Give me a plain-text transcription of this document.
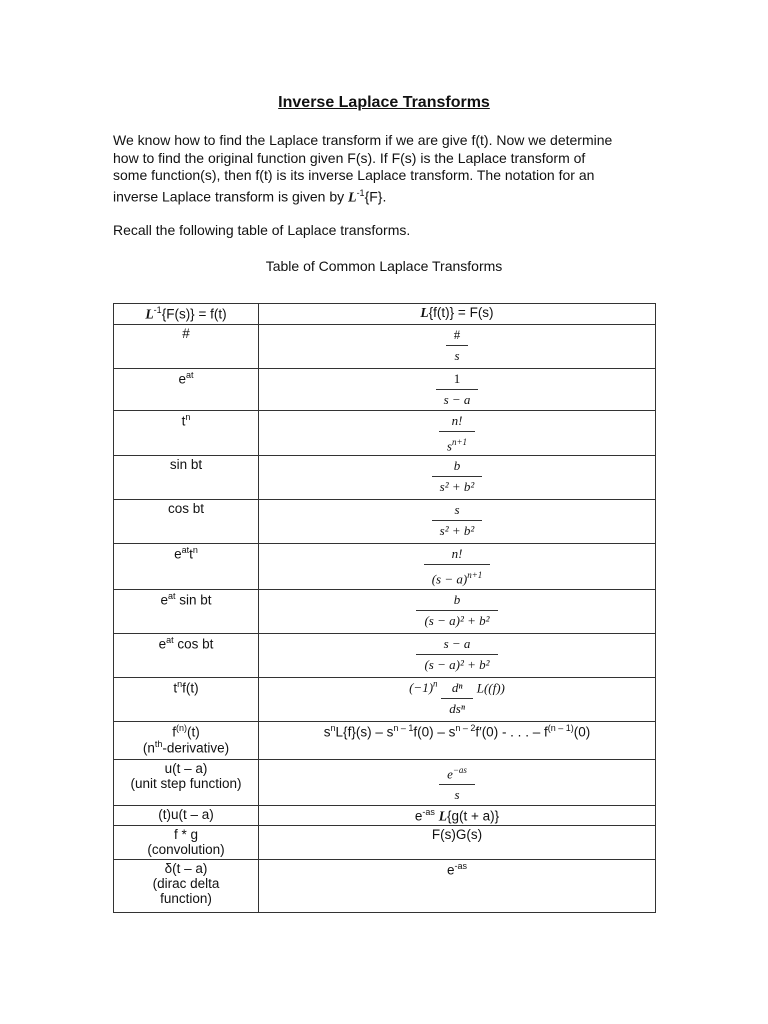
Inverse Laplace Transforms
We know how to find the Laplace transform if we are give f(t). Now we determine
how to find the original function given F(s). If F(s) is the Laplace transform of
some function(s), then f(t) is its inverse Laplace transform. The notation for an
inverse Laplace transform is given by $L^{-1}\{F\}$.
Recall the following table of Laplace transforms.
Table of Common Laplace Transforms
$L^{-1}\{F(s)\} = f(t)$	L{f(t)} = F(s)
#	$\frac{\#}{s}$

$e^{at}$	$\frac{1}{s - a}$

$t^n$	$\frac{n!}{s^{n+1}}$

sin bt	$\frac{b}{\text{s² + b²}}$

cos bt	$\frac{s}{\text{s² + b²}}$

$e^{at}t^n$	$\frac{n!}{(s - a)^{n+1}}$

$e^{at}$ sin bt	$\frac{b}{\text{(s − a)² + b²}}$

$e^{at}$ cos bt	$\frac{s - a}{\text{(s − a)² + b²}}$

$t^nf(t)$	$(-1)^n \frac{\text{dⁿ}}{\text{dsⁿ}} L((f))$
$f^{(n)}(t)$
$(n^{th}-derivative)$	$s^nL\{f\}(s) - s^{n - 1}f(0) - s^{n - 2}f'(0)$ - . . . – $f^{(n - 1)}(0)$
u(t – a)
(unit step function)	$\frac{e^{-as}}{s}$

(t)u(t – a)	$e^{-as}$ L{g(t + a)}
f * g
(convolution)	F(s)G(s)
δ(t – a)
(dirac delta
function)	$e^{-as}$
